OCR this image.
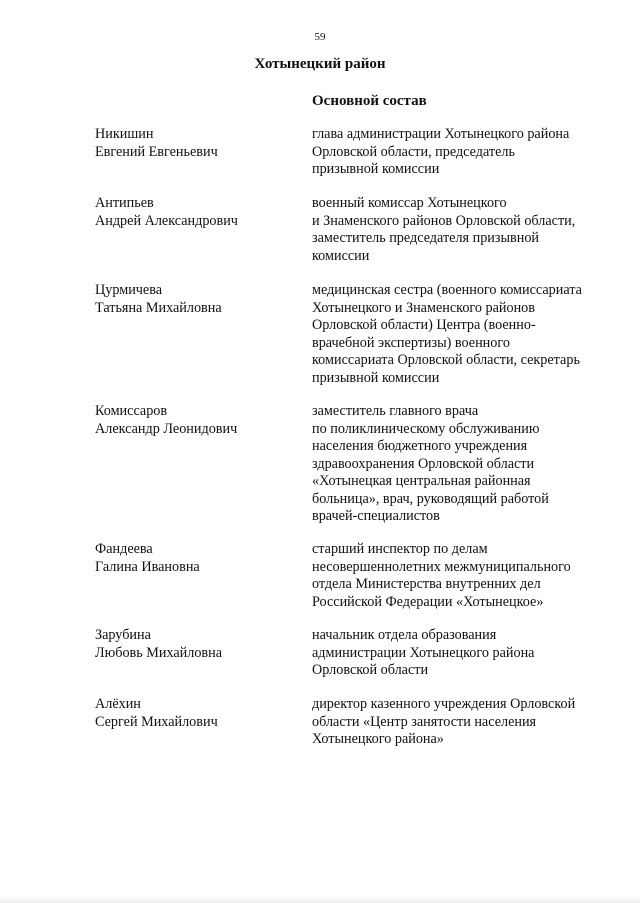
59
Хотынецкий район
Основной состав
Никишин
Евгений Евгеньевич
глава администрации Хотынецкого района
Орловской области, председатель
призывной комиссии
Антипьев
Андрей Александрович
военный комиссар Хотынецкого
и Знаменского районов Орловской области,
заместитель председателя призывной
комиссии
Цурмичева
Татьяна Михайловна
медицинская сестра (военного комиссариата
Хотынецкого и Знаменского районов
Орловской области) Центра (военно-
врачебной экспертизы) военного
комиссариата Орловской области, секретарь
призывной комиссии
Комиссаров
Александр Леонидович
заместитель главного врача
по поликлиническому обслуживанию
населения бюджетного учреждения
здравоохранения Орловской области
«Хотынецкая центральная районная
больница», врач, руководящий работой
врачей-специалистов
Фандеева
Галина Ивановна
старший инспектор по делам
несовершеннолетних межмуниципального
отдела Министерства внутренних дел
Российской Федерации «Хотынецкое»
Зарубина
Любовь Михайловна
начальник отдела образования
администрации Хотынецкого района
Орловской области
Алёхин
Сергей Михайлович
директор казенного учреждения Орловской
области «Центр занятости населения
Хотынецкого района»
